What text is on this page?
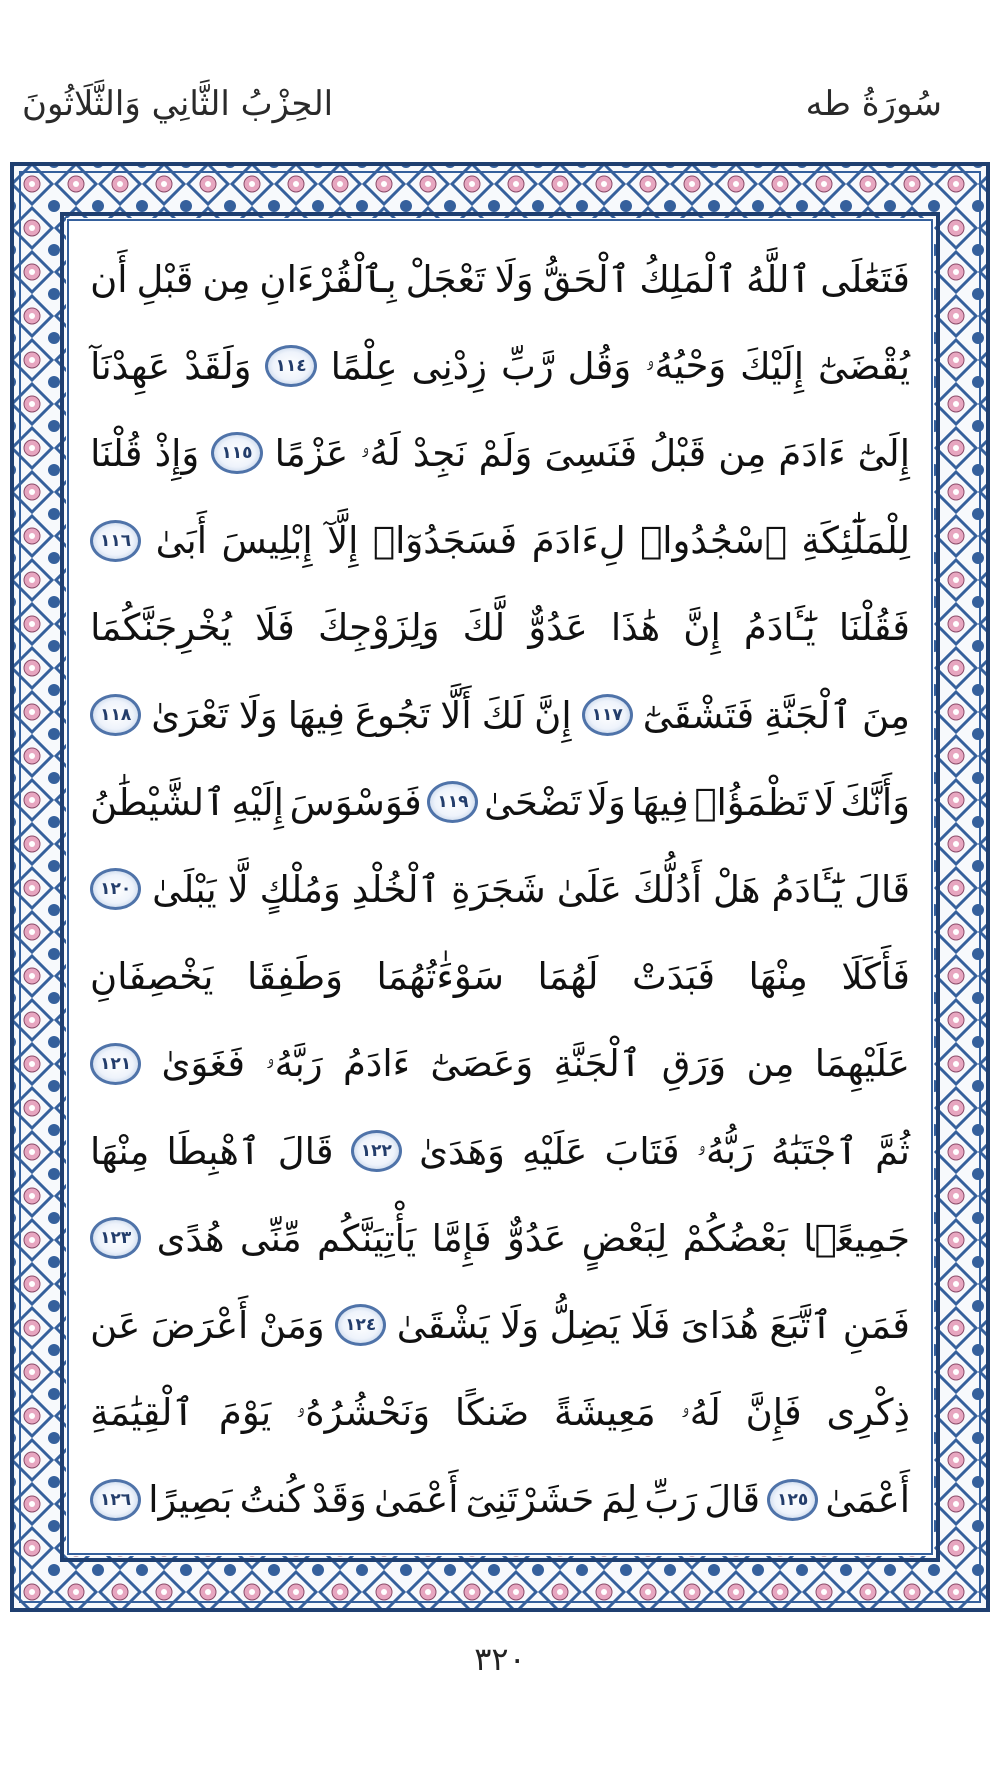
سُورَةُ طه
الحِزْبُ الثَّانِي وَالثَّلَاثُونَ
فَتَعَٰلَى
ٱللَّهُ
ٱلْمَلِكُ
ٱلْحَقُّ
وَلَا
تَعْجَلْ
بِٱلْقُرْءَانِ
مِن
قَبْلِ
أَن
يُقْضَىٰٓ
إِلَيْكَ
وَحْيُهُۥ
وَقُل
رَّبِّ
زِدْنِى
عِلْمًا
١١٤
وَلَقَدْ
عَهِدْنَآ
إِلَىٰٓ
ءَادَمَ
مِن
قَبْلُ
فَنَسِىَ
وَلَمْ
نَجِدْ
لَهُۥ
عَزْمًا
١١٥
وَإِذْ
قُلْنَا
لِلْمَلَٰٓئِكَةِ
ٱسْجُدُوا۟
لِءَادَمَ
فَسَجَدُوٓا۟
إِلَّآ
إِبْلِيسَ
أَبَىٰ
١١٦
فَقُلْنَا
يَٰٓـَٔادَمُ
إِنَّ
هَٰذَا
عَدُوٌّ
لَّكَ
وَلِزَوْجِكَ
فَلَا
يُخْرِجَنَّكُمَا
مِنَ
ٱلْجَنَّةِ
فَتَشْقَىٰٓ
١١٧
إِنَّ
لَكَ
أَلَّا
تَجُوعَ
فِيهَا
وَلَا
تَعْرَىٰ
١١٨
وَأَنَّكَ
لَا
تَظْمَؤُا۟
فِيهَا
وَلَا
تَضْحَىٰ
١١٩
فَوَسْوَسَ
إِلَيْهِ
ٱلشَّيْطَٰنُ
قَالَ
يَٰٓـَٔادَمُ
هَلْ
أَدُلُّكَ
عَلَىٰ
شَجَرَةِ
ٱلْخُلْدِ
وَمُلْكٍ
لَّا
يَبْلَىٰ
١٢٠
فَأَكَلَا
مِنْهَا
فَبَدَتْ
لَهُمَا
سَوْءَٰتُهُمَا
وَطَفِقَا
يَخْصِفَانِ
عَلَيْهِمَا
مِن
وَرَقِ
ٱلْجَنَّةِ
وَعَصَىٰٓ
ءَادَمُ
رَبَّهُۥ
فَغَوَىٰ
١٢١
ثُمَّ
ٱجْتَبَٰهُ
رَبُّهُۥ
فَتَابَ
عَلَيْهِ
وَهَدَىٰ
١٢٢
قَالَ
ٱهْبِطَا
مِنْهَا
جَمِيعًۢا
بَعْضُكُمْ
لِبَعْضٍ
عَدُوٌّ
فَإِمَّا
يَأْتِيَنَّكُم
مِّنِّى
هُدًى
١٢٣
فَمَنِ
ٱتَّبَعَ
هُدَاىَ
فَلَا
يَضِلُّ
وَلَا
يَشْقَىٰ
١٢٤
وَمَنْ
أَعْرَضَ
عَن
ذِكْرِى
فَإِنَّ
لَهُۥ
مَعِيشَةً
ضَنكًا
وَنَحْشُرُهُۥ
يَوْمَ
ٱلْقِيَٰمَةِ
أَعْمَىٰ
١٢٥
قَالَ
رَبِّ
لِمَ
حَشَرْتَنِىٓ
أَعْمَىٰ
وَقَدْ
كُنتُ
بَصِيرًا
١٢٦
٣٢٠
